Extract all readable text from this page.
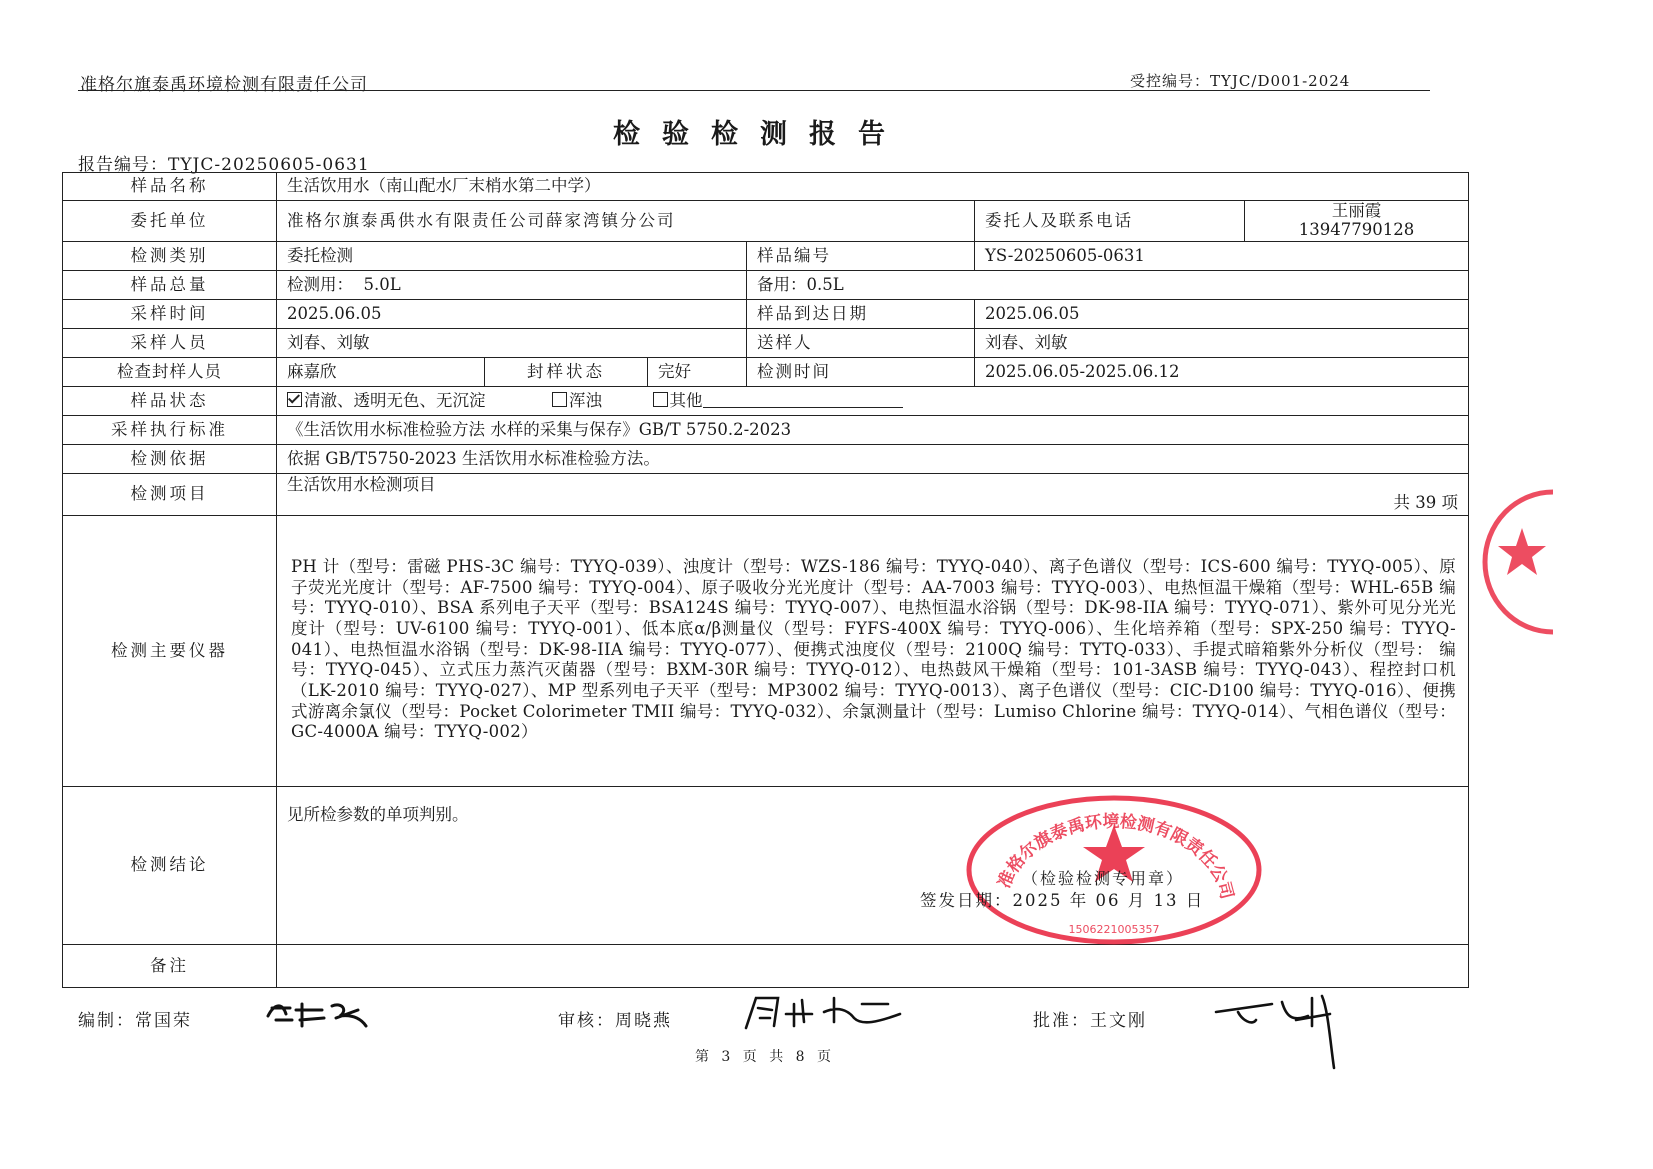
准格尔旗泰禹环境检测有限责任公司	受控编号：TYJC/D001-2024
检验检测报告
报告编号：TYJC-20250605-0631
样品名称	生活饮用水（南山配水厂末梢水第二中学）					
委托单位	准格尔旗泰禹供水有限责任公司薛家湾镇分公司				委托人及联系电话	王丽霞
13947790128

检测类别	委托检测			样品编号	YS-20250605-0631	
样品总量	检测用：  5.0L			备用：0.5L		
采样时间	2025.06.05			样品到达日期	2025.06.05	
采样人员	刘春、刘敏			送样人	刘春、刘敏	
检查封样人员	麻嘉欣	封样状态	完好	检测时间	2025.06.05-2025.06.12	
样品状态	清澈、透明无色、无沉淀 浑浊 其他					
采样执行标准	《生活饮用水标准检验方法 水样的采集与保存》GB/T 5750.2-2023					
检测依据	依据 GB/T5750-2023 生活饮用水标准检验方法。					
检测项目	生活饮用水检测项目
共 39 项					

检测主要仪器	PH 计（型号：雷磁 PHS-3C 编号：TYYQ-039）、浊度计（型号：WZS-186 编号：TYYQ-040）、离子色谱仪（型号：ICS-600 编号：TYYQ-005）、原子荧光光度计（型号：AF-7500 编号：TYYQ-004）、原子吸收分光光度计（型号：AA-7003 编号：TYYQ-003）、电热恒温干燥箱（型号：WHL-65B 编号：TYYQ-010）、BSA 系列电子天平（型号：BSA124S 编号：TYYQ-007）、电热恒温水浴锅（型号：DK-98-IIA 编号：TYYQ-071）、紫外可见分光光度计（型号：UV-6100 编号：TYYQ-001）、低本底α/β测量仪（型号：FYFS-400X 编号：TYYQ-006）、生化培养箱（型号：SPX-250 编号：TYYQ-041）、电热恒温水浴锅（型号：DK-98-IIA 编号：TYYQ-077）、便携式浊度仪（型号：2100Q 编号：TYTQ-033）、手提式暗箱紫外分析仪（型号： 编号：TYYQ-045）、立式压力蒸汽灭菌器（型号：BXM-30R 编号：TYYQ-012）、电热鼓风干燥箱（型号：101-3ASB 编号：TYYQ-043）、程控封口机（LK-2010 编号：TYYQ-027）、MP 型系列电子天平（型号：MP3002 编号：TYYQ-0013）、离子色谱仪（型号：CIC-D100 编号：TYYQ-016）、便携式游离余氯仪（型号：Pocket Colorimeter TMII 编号：TYYQ-032）、余氯测量计（型号：Lumiso Chlorine 编号：TYYQ-014）、气相色谱仪（型号：GC-4000A 编号：TYYQ-002）					
检测结论	见所检参数的单项判别。					

备注						
准格尔旗泰禹环境检测有限责任公司
1506221005357
（检验检测专用章）
签发日期：2025 年 06 月 13 日
编制：常国荣	审核：周晓燕	批准：王文刚
第 3 页 共 8 页
